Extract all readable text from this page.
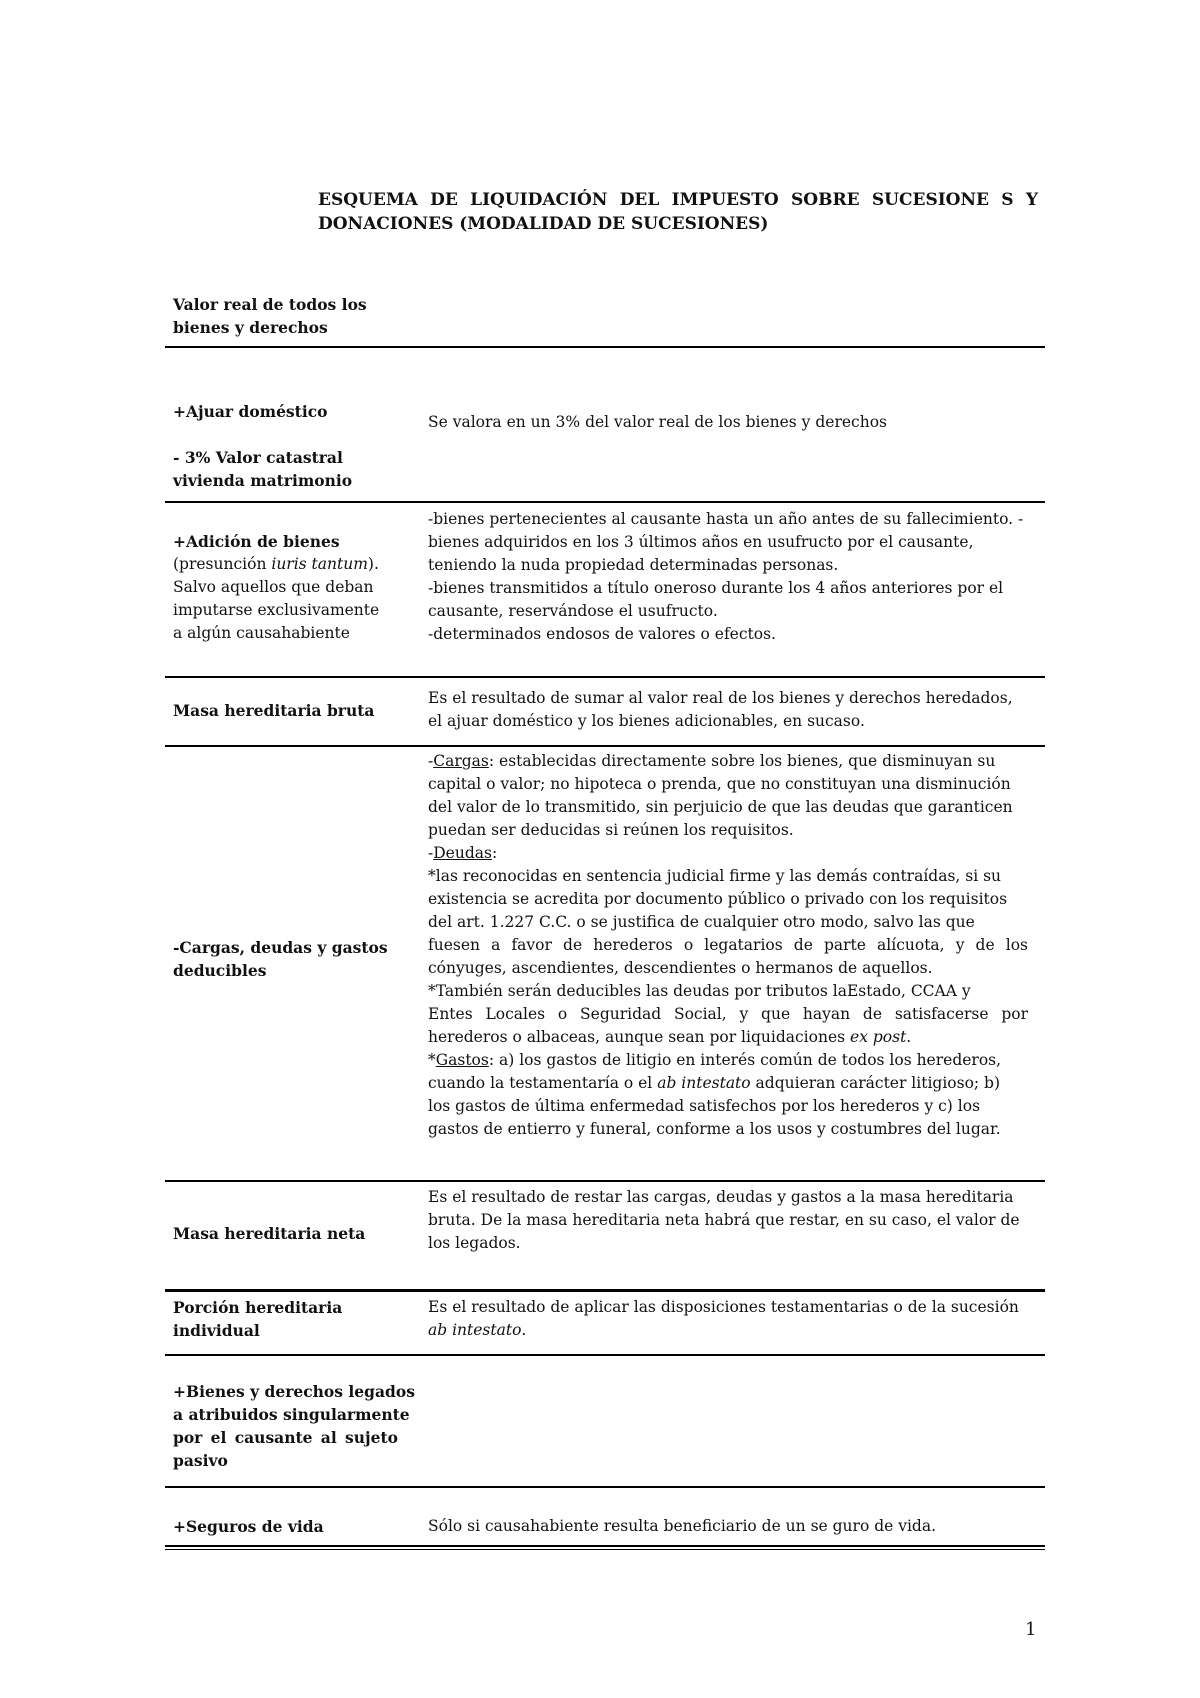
ESQUEMA DE LIQUIDACIÓN DEL IMPUESTO SOBRE SUCESIONE S Y
DONACIONES (MODALIDAD DE SUCESIONES)
Valor real de todos los
bienes y derechos
+Ajuar doméstico
- 3% Valor catastral
vivienda matrimonio
Se valora en un 3% del valor real de los bienes y derechos
+Adición de bienes
(presunción iuris tantum).
Salvo aquellos que deban
imputarse exclusivamente
a algún causahabiente
-bienes pertenecientes al causante hasta un año antes de su fallecimiento. -
bienes adquiridos en los 3 últimos años en usufructo por el causante,
teniendo la nuda propiedad determinadas personas.
-bienes transmitidos a título oneroso durante los 4 años anteriores por el
causante, reservándose el usufructo.
-determinados endosos de valores o efectos.
Masa hereditaria bruta
Es el resultado de sumar al valor real de los bienes y derechos heredados,
el ajuar doméstico y los bienes adicionables, en sucaso.
-Cargas, deudas y gastos
deducibles
-Cargas: establecidas directamente sobre los bienes, que disminuyan su
capital o valor; no hipoteca o prenda, que no constituyan una disminución
del valor de lo transmitido, sin perjuicio de que las deudas que garanticen
puedan ser deducidas si reúnen los requisitos.
-Deudas:
*las reconocidas en sentencia judicial firme y las demás contraídas, si su
existencia se acredita por documento público o privado con los requisitos
del art. 1.227 C.C. o se justifica de cualquier otro modo, salvo las que
fuesen a favor de herederos o legatarios de parte alícuota, y de los
cónyuges, ascendientes, descendientes o hermanos de aquellos.
*También serán deducibles las deudas por tributos laEstado, CCAA y
Entes Locales o Seguridad Social, y que hayan de satisfacerse por
herederos o albaceas, aunque sean por liquidaciones ex post.
*Gastos: a) los gastos de litigio en interés común de todos los herederos,
cuando la testamentaría o el ab intestato adquieran carácter litigioso; b)
los gastos de última enfermedad satisfechos por los herederos y c) los
gastos de entierro y funeral, conforme a los usos y costumbres del lugar.
Masa hereditaria neta
Es el resultado de restar las cargas, deudas y gastos a la masa hereditaria
bruta. De la masa hereditaria neta habrá que restar, en su caso, el valor de
los legados.
Porción hereditaria
individual
Es el resultado de aplicar las disposiciones testamentarias o de la sucesión
ab intestato.
+Bienes y derechos legados
a atribuidos singularmente
por el causante al sujeto
pasivo
+Seguros de vida	Sólo si causahabiente resulta beneficiario de un se guro de vida.
1
